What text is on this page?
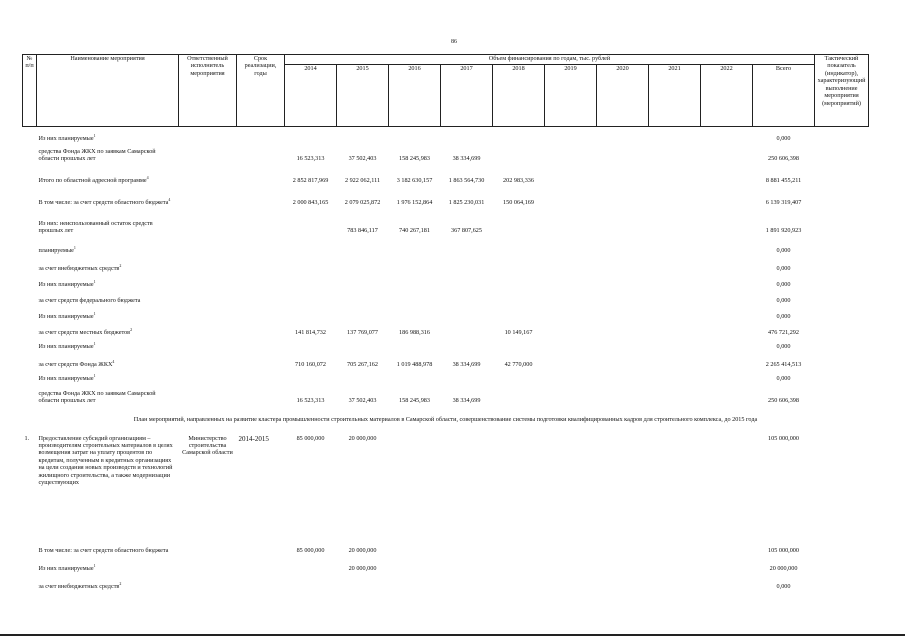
86
№ п/п	Наименование мероприятия	Ответственный исполнитель мероприятия	Срок реализации, годы	Объем финансирования по годам, тыс. рублей										Тактический показатель (индикатор), характеризующий выполнение мероприятия (мероприятий)
				2014	2015	2016	2017	2018	2019	2020	2021	2022	Всего	
	Из них планируемые$^1$												0,000	
	средства Фонда ЖКХ по заявкам Самарской области прошлых лет			16 523,313	37 502,403	158 245,983	38 334,699						250 606,398	
	Итого по областной адресной программе$^4$			2 852 817,969	2 922 062,111	3 182 630,157	1 863 564,730	202 983,336					8 881 455,211	
	В том числе: за счет средств областного бюджета$^4$			2 000 843,165	2 079 025,872	1 976 152,864	1 825 230,031	150 064,169					6 139 319,407	
	Из них: неиспользованный остаток средств прошлых лет				783 846,117	740 267,181	367 807,625						1 891 920,923	
	планируемые$^1$												0,000	
	за счет внебюджетных средств$^2$												0,000	
	Из них планируемые$^1$												0,000	
	за счет средств федерального бюджета												0,000	
	Из них планируемые$^1$												0,000	
	за счет средств местных бюджетов$^2$			141 814,732	137 769,077	186 988,316		10 149,167					476 721,292	
	Из них планируемые$^1$												0,000	
	за счет средств Фонда ЖКХ$^4$			710 160,072	705 267,162	1 019 488,978	38 334,699	42 770,000					2 265 414,513	
	Из них планируемые$^1$												0,000	
	средства Фонда ЖКХ по заявкам Самарской области прошлых лет			16 523,313	37 502,403	158 245,983	38 334,699						250 606,398	
План мероприятий, направленных на развитие кластера промышленности строительных материалов в Самарской области, совершенствование системы подготовки квалифицированных кадров для строительного комплекса, до 2015 года														
1.	Предоставление субсидий организациям – производителям строительных материалов в целях возмещения затрат на уплату процентов по кредитам, полученным в кредитных организациях на цели создания новых производств и технологий жилищного строительства, а также модернизации существующих	Министерство строительства Самарской области	2014-2015	85 000,000	20 000,000								105 000,000	
	В том числе: за счет средств областного бюджета			85 000,000	20 000,000								105 000,000	
	Из них планируемые$^1$				20 000,000								20 000,000	
	за счет внебюджетных средств$^2$												0,000	
